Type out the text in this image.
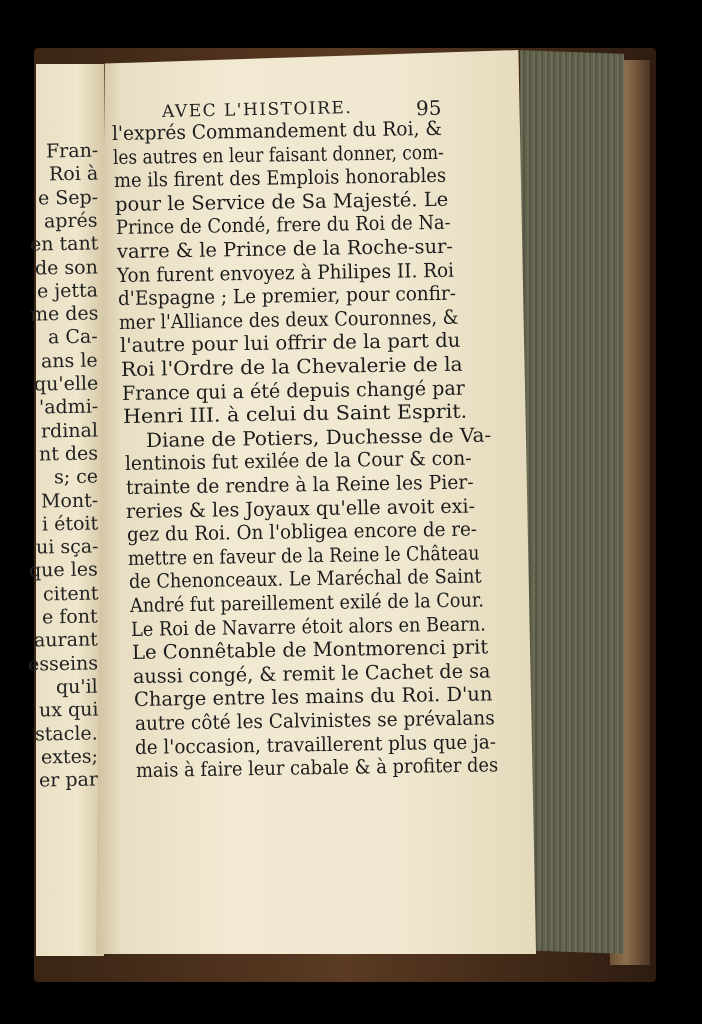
Fran-
Roi à
e Sep-
aprés
en tant
de son
e jetta
me des
a Ca-
ans le
qu'elle
'admi-
rdinal
nt des
s; ce
Mont-
i étoit
ui sça-
que les
citent
e font
aurant
esseins
qu'il
ux qui
stacle.
extes;
er par
AVEC L'HISTOIRE.	95
l'exprés Commandement du Roi, &
les autres en leur faisant donner, com-
me ils firent des Emplois honorables
pour le Service de Sa Majesté. Le
Prince de Condé, frere du Roi de Na-
varre & le Prince de la Roche-sur-
Yon furent envoyez à Philipes II. Roi
d'Espagne ; Le premier, pour confir-
mer l'Alliance des deux Couronnes, &
l'autre pour lui offrir de la part du
Roi l'Ordre de la Chevalerie de la
France qui a été depuis changé par
Henri III. à celui du Saint Esprit.
Diane de Potiers, Duchesse de Va-
lentinois fut exilée de la Cour & con-
trainte de rendre à la Reine les Pier-
reries & les Joyaux qu'elle avoit exi-
gez du Roi. On l'obligea encore de re-
mettre en faveur de la Reine le Château
de Chenonceaux. Le Maréchal de Saint
André fut pareillement exilé de la Cour.
Le Roi de Navarre étoit alors en Bearn.
Le Connêtable de Montmorenci prit
aussi congé, & remit le Cachet de sa
Charge entre les mains du Roi. D'un
autre côté les Calvinistes se prévalans
de l'occasion, travaillerent plus que ja-
mais à faire leur cabale & à profiter des
